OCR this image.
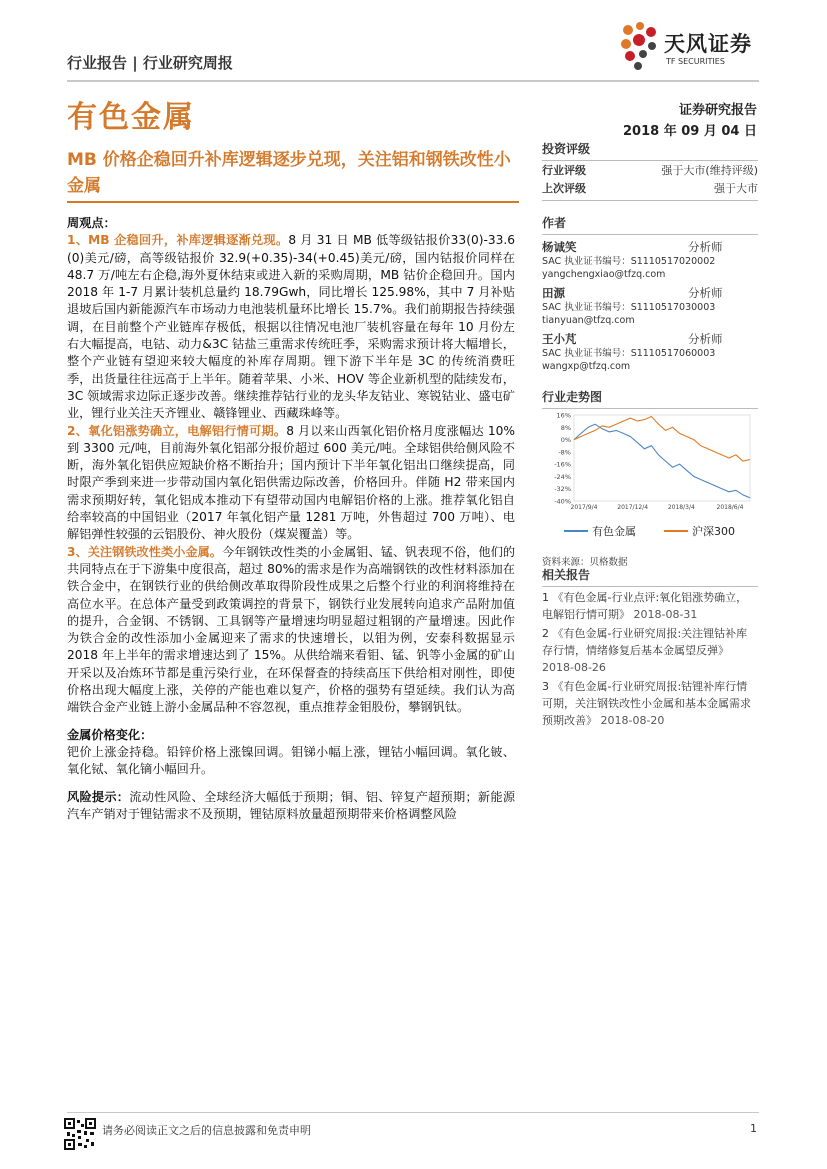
行业报告 | 行业研究周报
天风证券
TF SECURITIES
有色金属	证券研究报告
2018 年 09 月 04 日
MB 价格企稳回升补库逻辑逐步兑现，关注铝和钢铁改性小金属

周观点：

1、MB 企稳回升，补库逻辑逐渐兑现。8 月 31 日 MB 低等级钴报价33(0)-33.6 (0)美元/磅，高等级钴报价 32.9(+0.35)-34(+0.45)美元/磅，国内钴报价同样在 48.7 万/吨左右企稳,海外夏休结束或进入新的采购周期，MB 钴价企稳回升。国内 2018 年 1-7 月累计装机总量约 18.79Gwh，同比增长 125.98%，其中 7 月补贴退坡后国内新能源汽车市场动力电池装机量环比增长 15.7%。我们前期报告持续强调，在目前整个产业链库存极低，根据以往情况电池厂装机容量在每年 10 月份左右大幅提高，电钴、动力&3C 钴盐三重需求传统旺季，采购需求预计将大幅增长，整个产业链有望迎来较大幅度的补库存周期。锂下游下半年是 3C 的传统消费旺季，出货量往往远高于上半年。随着苹果、小米、HOV 等企业新机型的陆续发布，3C 领域需求边际正逐步改善。继续推荐钴行业的龙头华友钴业、寒锐钴业、盛屯矿业，锂行业关注天齐锂业、赣锋锂业、西藏珠峰等。

2、氧化铝涨势确立，电解铝行情可期。8 月以来山西氧化铝价格月度涨幅达 10%到 3300 元/吨，目前海外氧化铝部分报价超过 600 美元/吨。全球铝供给侧风险不断，海外氧化铝供应短缺价格不断抬升；国内预计下半年氧化铝出口继续提高，同时限产季到来进一步带动国内氧化铝供需边际改善，价格回升。伴随 H2 带来国内需求预期好转，氧化铝成本推动下有望带动国内电解铝价格的上涨。推荐氧化铝自给率较高的中国铝业（2017 年氧化铝产量 1281 万吨，外售超过 700 万吨）、电解铝弹性较强的云铝股份、神火股份（煤炭覆盖）等。

3、关注钢铁改性类小金属。今年钢铁改性类的小金属钼、锰、钒表现不俗，他们的共同特点在于下游集中度很高，超过 80%的需求是作为高端钢铁的改性材料添加在铁合金中，在钢铁行业的供给侧改革取得阶段性成果之后整个行业的利润将维持在高位水平。在总体产量受到政策调控的背景下，钢铁行业发展转向追求产品附加值的提升，合金钢、不锈钢、工具钢等产量增速均明显超过粗钢的产量增速。因此作为铁合金的改性添加小金属迎来了需求的快速增长，以钼为例，安泰科数据显示 2018 年上半年的需求增速达到了 15%。从供给端来看钼、锰、钒等小金属的矿山开采以及冶炼环节都是重污染行业，在环保督查的持续高压下供给相对刚性，即使价格出现大幅度上涨，关停的产能也难以复产，价格的强势有望延续。我们认为高端铁合金产业链上游小金属品种不容忽视，重点推荐金钼股份，攀钢钒钛。

金属价格变化：

钯价上涨金持稳。铅锌价格上涨镍回调。钼锑小幅上涨，锂钴小幅回调。氧化铍、氧化铽、氧化镝小幅回升。

风险提示：流动性风险、全球经济大幅低于预期；铜、铝、锌复产超预期；新能源汽车产销对于锂钴需求不及预期，锂钴原料放量超预期带来价格调整风险

投资评级
行业评级	强于大市(维持评级)
上次评级	强于大市
作者
杨诚笑	分析师
SAC 执业证书编号：S1110517020002
yangchengxiao@tfzq.com
田源	分析师
SAC 执业证书编号：S1110517030003
tianyuan@tfzq.com
王小芃	分析师
SAC 执业证书编号：S1110517060003
wangxp@tfzq.com
行业走势图
16%
8%
0%
-8%
-16%
-24%
-32%
-40%
2017/9/4	2017/12/4	2018/3/4	2018/6/4
有色金属	沪深300
资料来源：贝格数据
相关报告
1 《有色金属-行业点评:氧化铝涨势确立，电解铝行情可期》 2018-08-31
2 《有色金属-行业研究周报:关注锂钴补库存行情，情绪修复后基本金属望反弹》 2018-08-26
3 《有色金属-行业研究周报:钴锂补库行情可期，关注钢铁改性小金属和基本金属需求预期改善》 2018-08-20
请务必阅读正文之后的信息披露和免责申明	1
